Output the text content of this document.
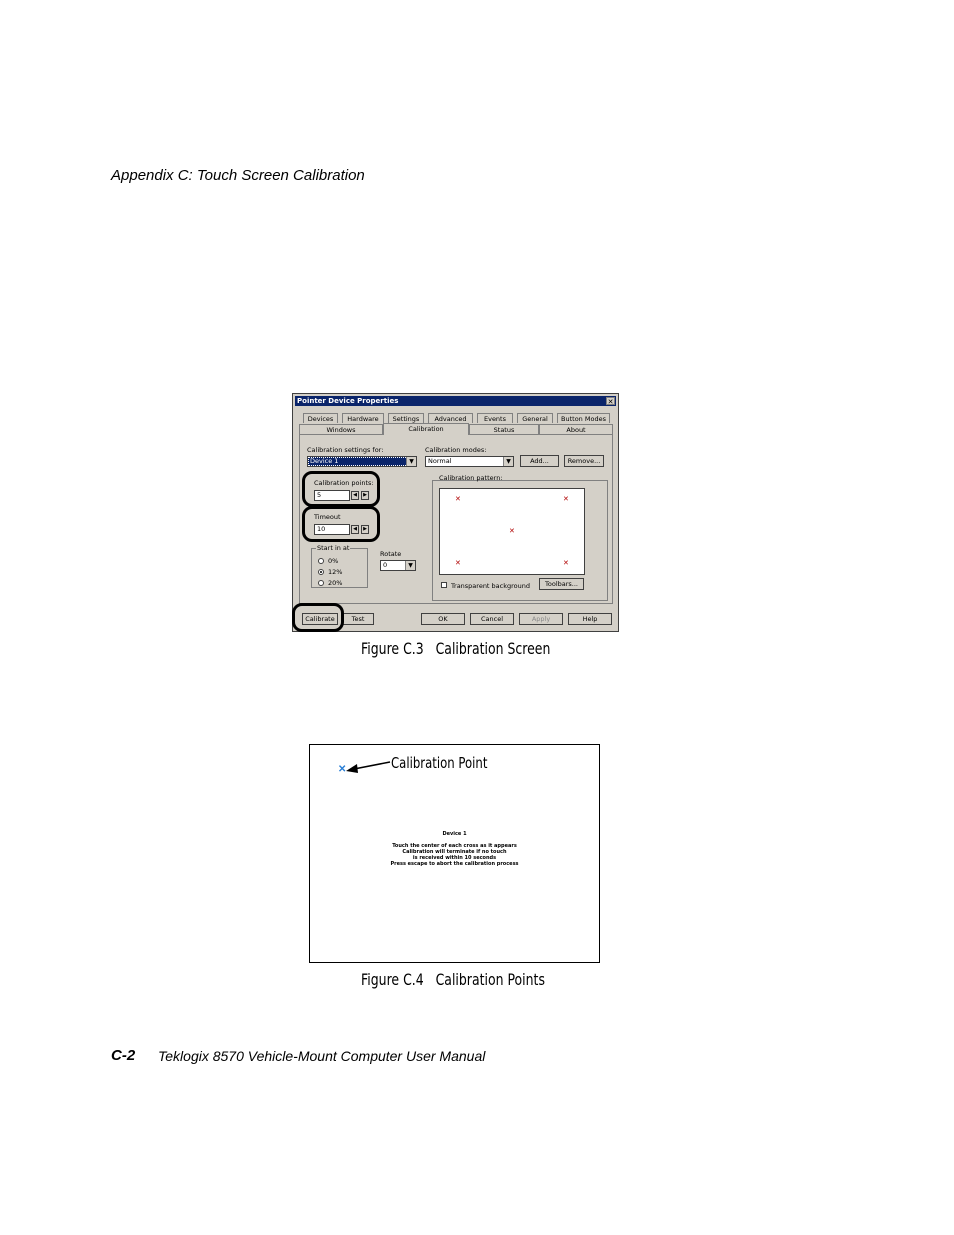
Appendix C: Touch Screen Calibration
Pointer Device Properties	✕
Devices	Hardware	Settings	Advanced	Events	General	Button Modes
Windows	Calibration	Status	About
Calibration settings for:
Device 1	▼
Calibration modes:
Normal	▼	Add...	Remove...
Calibration points:
5	◀	▶
Timeout
10	◀	▶
Start in at
0%
12%
20%
Rotate
0	▼
Calibration pattern:
✕	✕
✕
✕	✕
Transparent background	Toolbars...
Calibrate	Test	OK	Cancel	Apply	Help
Figure C.3   Calibration Screen
✕	Calibration Point
Device 1
Touch the center of each cross as it appears
Calibration will terminate if no touch
is received within 10 seconds
Press escape to abort the calibration process
Figure C.4   Calibration Points
C-2 Teklogix 8570 Vehicle-Mount Computer User Manual
